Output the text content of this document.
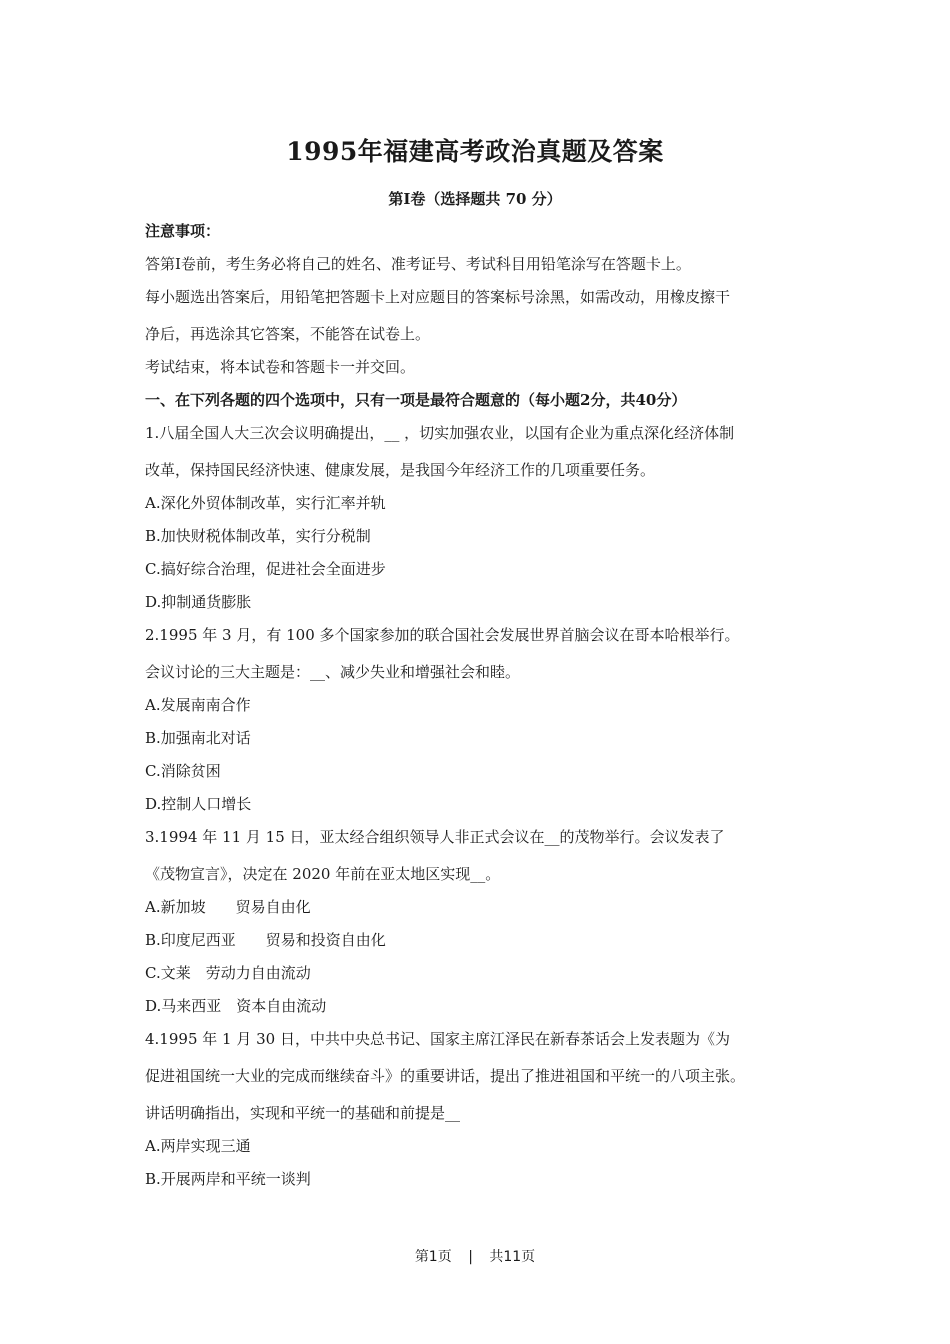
1995年福建高考政治真题及答案
第Ⅰ卷（选择题共 70 分）
注意事项：
答第Ⅰ卷前，考生务必将自己的姓名、准考证号、考试科目用铅笔涂写在答题卡上。
每小题选出答案后，用铅笔把答题卡上对应题目的答案标号涂黑，如需改动，用橡皮擦干
净后，再选涂其它答案，不能答在试卷上。
考试结束，将本试卷和答题卡一并交回。
一、在下列各题的四个选项中，只有一项是最符合题意的（每小题2分，共40分）
1.八届全国人大三次会议明确提出，__ ，切实加强农业，以国有企业为重点深化经济体制
改革，保持国民经济快速、健康发展，是我国今年经济工作的几项重要任务。
A.深化外贸体制改革，实行汇率并轨
B.加快财税体制改革，实行分税制
C.搞好综合治理，促进社会全面进步
D.抑制通货膨胀
2.1995 年 3 月，有 100 多个国家参加的联合国社会发展世界首脑会议在哥本哈根举行。
会议讨论的三大主题是：__、减少失业和增强社会和睦。
A.发展南南合作
B.加强南北对话
C.消除贫困
D.控制人口增长
3.1994 年 11 月 15 日，亚太经合组织领导人非正式会议在__的茂物举行。会议发表了
《茂物宣言》，决定在 2020 年前在亚太地区实现__。
A.新加坡　　贸易自由化
B.印度尼西亚　　贸易和投资自由化
C.文莱　劳动力自由流动
D.马来西亚　资本自由流动
4.1995 年 1 月 30 日，中共中央总书记、国家主席江泽民在新春茶话会上发表题为《为
促进祖国统一大业的完成而继续奋斗》的重要讲话，提出了推进祖国和平统一的八项主张。
讲话明确指出，实现和平统一的基础和前提是__
A.两岸实现三通
B.开展两岸和平统一谈判
第1页 | 共11页
